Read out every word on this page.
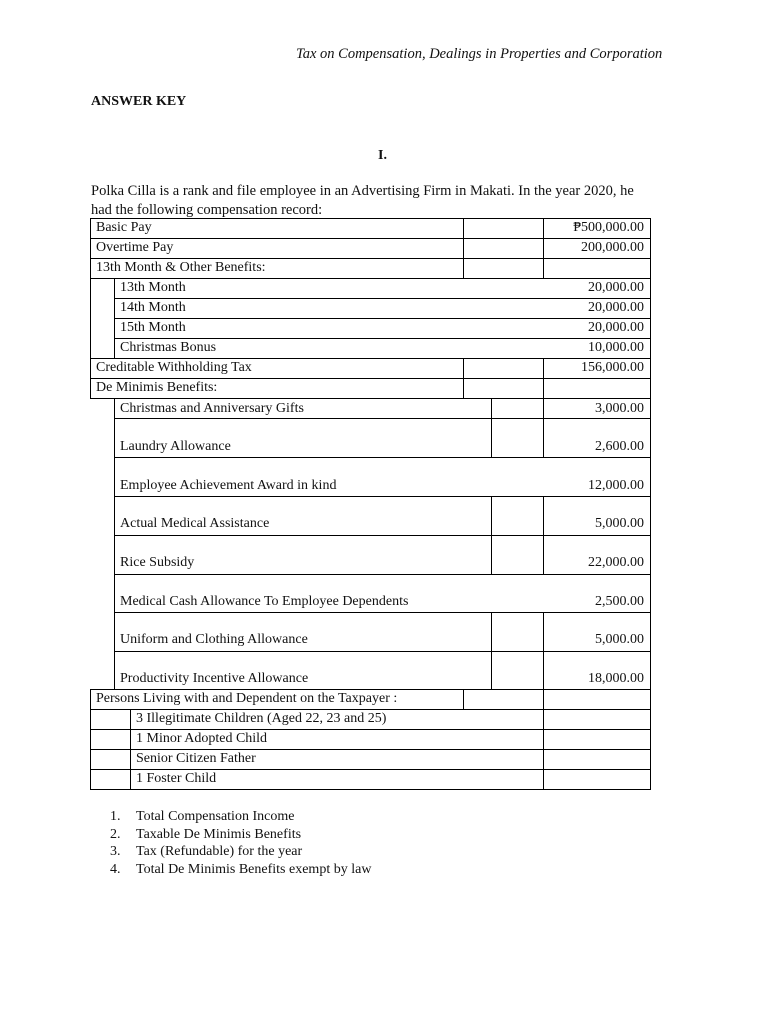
Tax on Compensation, Dealings in Properties and Corporation
ANSWER KEY
I.

Polka Cilla is a rank and file employee in an Advertising Firm in Makati. In the year 2020, he

had the following compensation record:

Basic Pay	₱500,000.00
Overtime Pay	200,000.00
13th Month & Other Benefits:
13th Month	20,000.00
14th Month	20,000.00
15th Month	20,000.00
Christmas Bonus	10,000.00
Creditable Withholding Tax	156,000.00
De Minimis Benefits:
Christmas and Anniversary Gifts	3,000.00
Laundry Allowance	2,600.00
Employee Achievement Award in kind	12,000.00
Actual Medical Assistance	5,000.00
Rice Subsidy	22,000.00
Medical Cash Allowance To Employee Dependents	2,500.00
Uniform and Clothing Allowance	5,000.00
Productivity Incentive Allowance	18,000.00
Persons Living with and Dependent on the Taxpayer :
3 Illegitimate Children (Aged 22, 23 and 25)
1 Minor Adopted Child
Senior Citizen Father
1 Foster Child
1. Total Compensation Income
2. Taxable De Minimis Benefits
3. Tax (Refundable) for the year
4. Total De Minimis Benefits exempt by law
